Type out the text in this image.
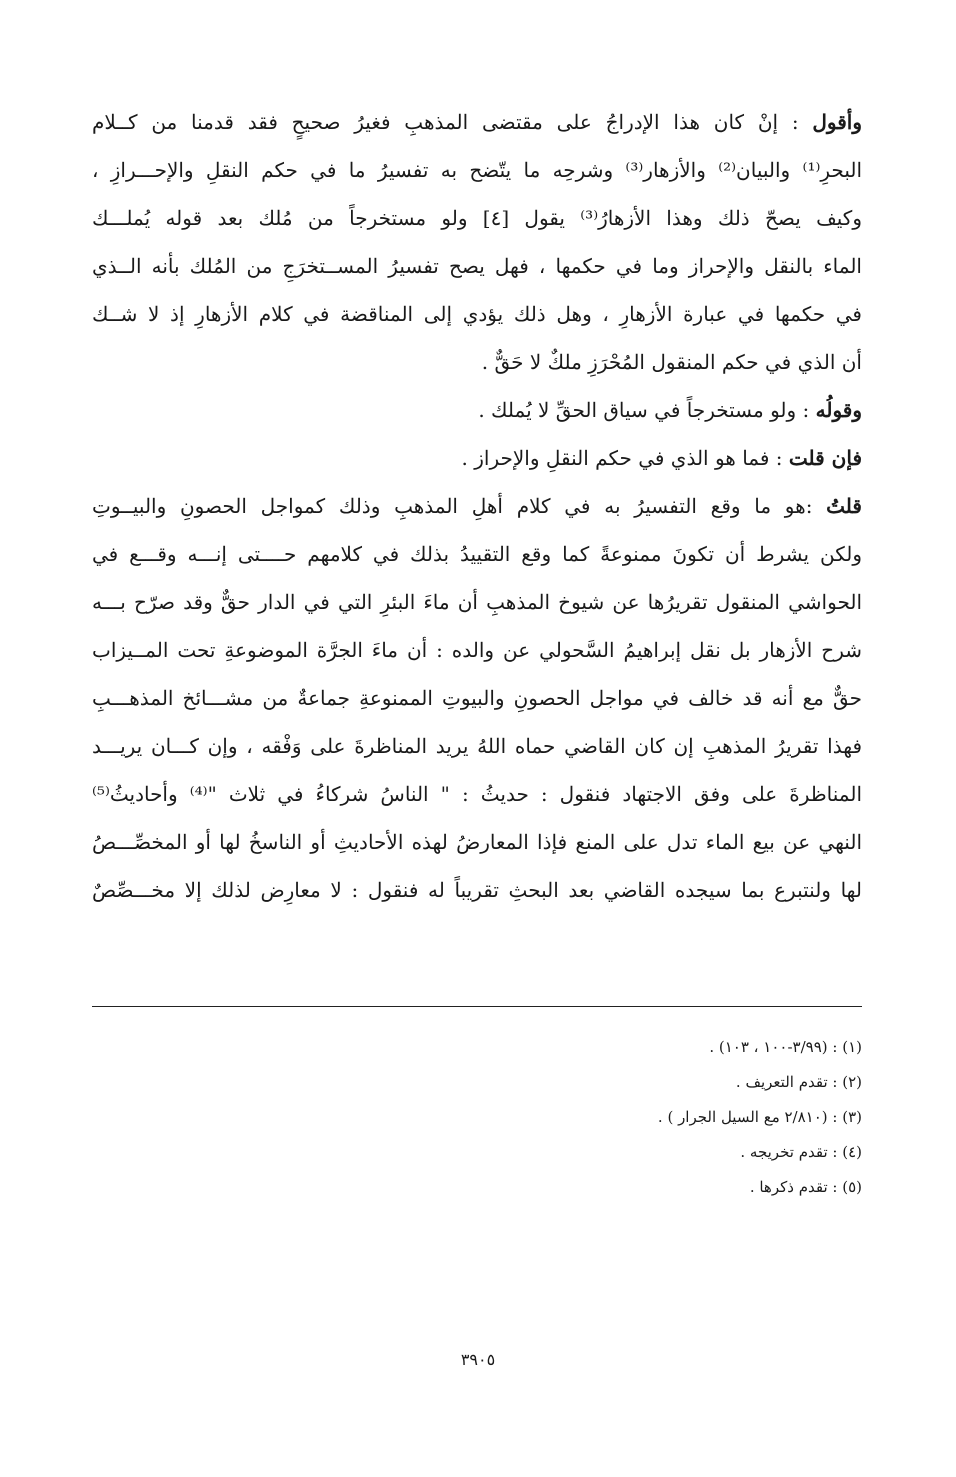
وأقول : إنْ كان هذا الإدراجُ على مقتضى المذهبِ فغيرُ صحيحٍ فقد قدمنا من كــلام
البحرِ⁽¹⁾ والبيان⁽²⁾ والأزهار⁽³⁾ وشرحِه ما يتّضح به تفسيرُ ما في حكم النقلِ والإحـــرازِ ،
وكيف يصحّ ذلك وهذا الأزهارُ⁽³⁾ يقول [٤] ولو مستخرجاً من مُلك بعد قوله يُملـــك
الماء بالنقل والإحراز وما في حكمها ، فهل يصح تفسيرُ المســتخرَجِ من المُلك بأنه الــذي
في حكمها في عبارة الأزهارِ ، وهل ذلك يؤدي إلى المناقضة في كلام الأزهارِ إذ لا شــك
أن الذي في حكم المنقول المُحْرَزِ ملكٌ لا حَقٌّ .
وقولُه : ولو مستخرجاً في سياق الحقِّ لا يُملك .
فإن قلت : فما هو الذي في حكم النقلِ والإحراز .
قلتُ :هو ما وقع التفسيرُ به في كلام أهلِ المذهبِ وذلك كمواجل الحصونِ والبيــوتِ
ولكن يشرط أن تكونَ ممنوعةً كما وقع التقييدُ بذلك في كلامهم حــــتى إنـــه وقـــع في
الحواشي المنقول تقريرُها عن شيوخ المذهبِ أن ماءَ البئرِ التي في الدار حقٌّ وقد صرّح بـــه
شرح الأزهار بل نقل إبراهيمُ السَّحولي عن والده : أن ماءَ الجرَّة الموضوعةِ تحت المــيزاب
حقٌّ مع أنه قد خالف في مواجل الحصونِ والبيوتِ الممنوعةِ جماعةٌ من مشـــائخ المذهـــبِ
فهذا تقريرُ المذهبِ إن كان القاضي حماه اللهُ يريد المناظرةَ على وَفْقه ، وإن كـــان يريـــد
المناظرةَ على وفق الاجتهاد فنقول : حديثُ : " الناسُ شركاءُ في ثلاث "⁽⁴⁾ وأحاديثُ⁽⁵⁾
النهي عن بيع الماء تدل على المنع فإذا المعارضُ لهذه الأحاديثِ أو الناسخُ لها أو المخصِّـــصُ
لها ولنتبرع بما سيجده القاضي بعد البحثِ تقريباً له فنقول : لا معارِض لذلك إلا مخـــصِّصٌ
(١) : (٣/٩٩-١٠٠ ، ١٠٣) .
(٢) : تقدم التعريف .
(٣) : (٢/٨١٠ مع السيل الجرار ) .
(٤) : تقدم تخريجه .
(٥) : تقدم ذكرها .
٣٩٠٥
